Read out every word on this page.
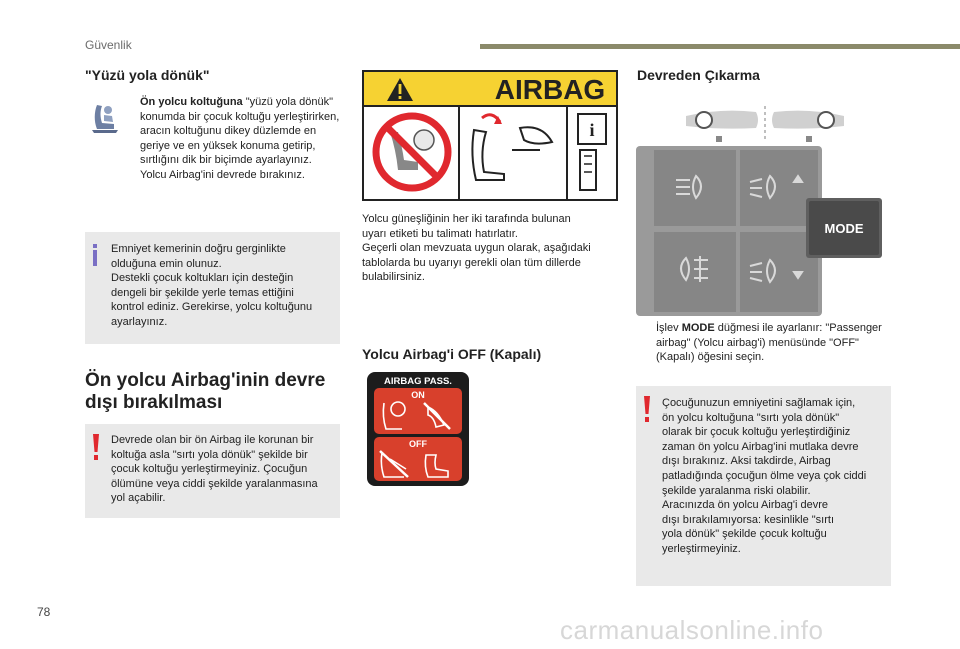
Güvenlik
"Yüzü yola dönük"
Ön yolcu koltuğuna "yüzü yola dönük" konumda bir çocuk koltuğu yerleştirirken, aracın koltuğunu dikey düzlemde en geriye ve en yüksek konuma getirip, sırtlığını dik bir biçimde ayarlayınız. Yolcu Airbag'ini devrede bırakınız.
Emniyet kemerinin doğru gerginlikte
olduğuna emin olunuz.
Destekli çocuk koltukları için desteğin
dengeli bir şekilde yerle temas ettiğini
kontrol ediniz. Gerekirse, yolcu koltuğunu
ayarlayınız.
Ön yolcu Airbag'inin devre
dışı bırakılması
Devrede olan bir ön Airbag ile korunan bir
koltuğa asla "sırtı yola dönük" şekilde bir
çocuk koltuğu yerleştirmeyiniz. Çocuğun
ölümüne veya ciddi şekilde yaralanmasına
yol açabilir.
AIRBAG
i
Yolcu güneşliğinin her iki tarafında bulunan
uyarı etiketi bu talimatı hatırlatır.
Geçerli olan mevzuata uygun olarak, aşağıdaki
tablolarda bu uyarıyı gerekli olan tüm dillerde
bulabilirsiniz.
Yolcu Airbag'i OFF (Kapalı)
AIRBAG PASS.
ON
OFF
Devreden Çıkarma
MODE
İşlev MODE düğmesi ile ayarlanır: "Passenger airbag" (Yolcu airbag'i) menüsünde "OFF" (Kapalı) öğesini seçin.
Çocuğunuzun emniyetini sağlamak için,
ön yolcu koltuğuna "sırtı yola dönük"
olarak bir çocuk koltuğu yerleştirdiğiniz
zaman ön yolcu Airbag'ini mutlaka devre
dışı bırakınız. Aksi takdirde, Airbag
patladığında çocuğun ölme veya çok ciddi
şekilde yaralanma riski olabilir.
Aracınızda ön yolcu Airbag'i devre
dışı bırakılamıyorsa: kesinlikle "sırtı
yola dönük" şekilde çocuk koltuğu
yerleştirmeyiniz.
78
carmanualsonline.info
